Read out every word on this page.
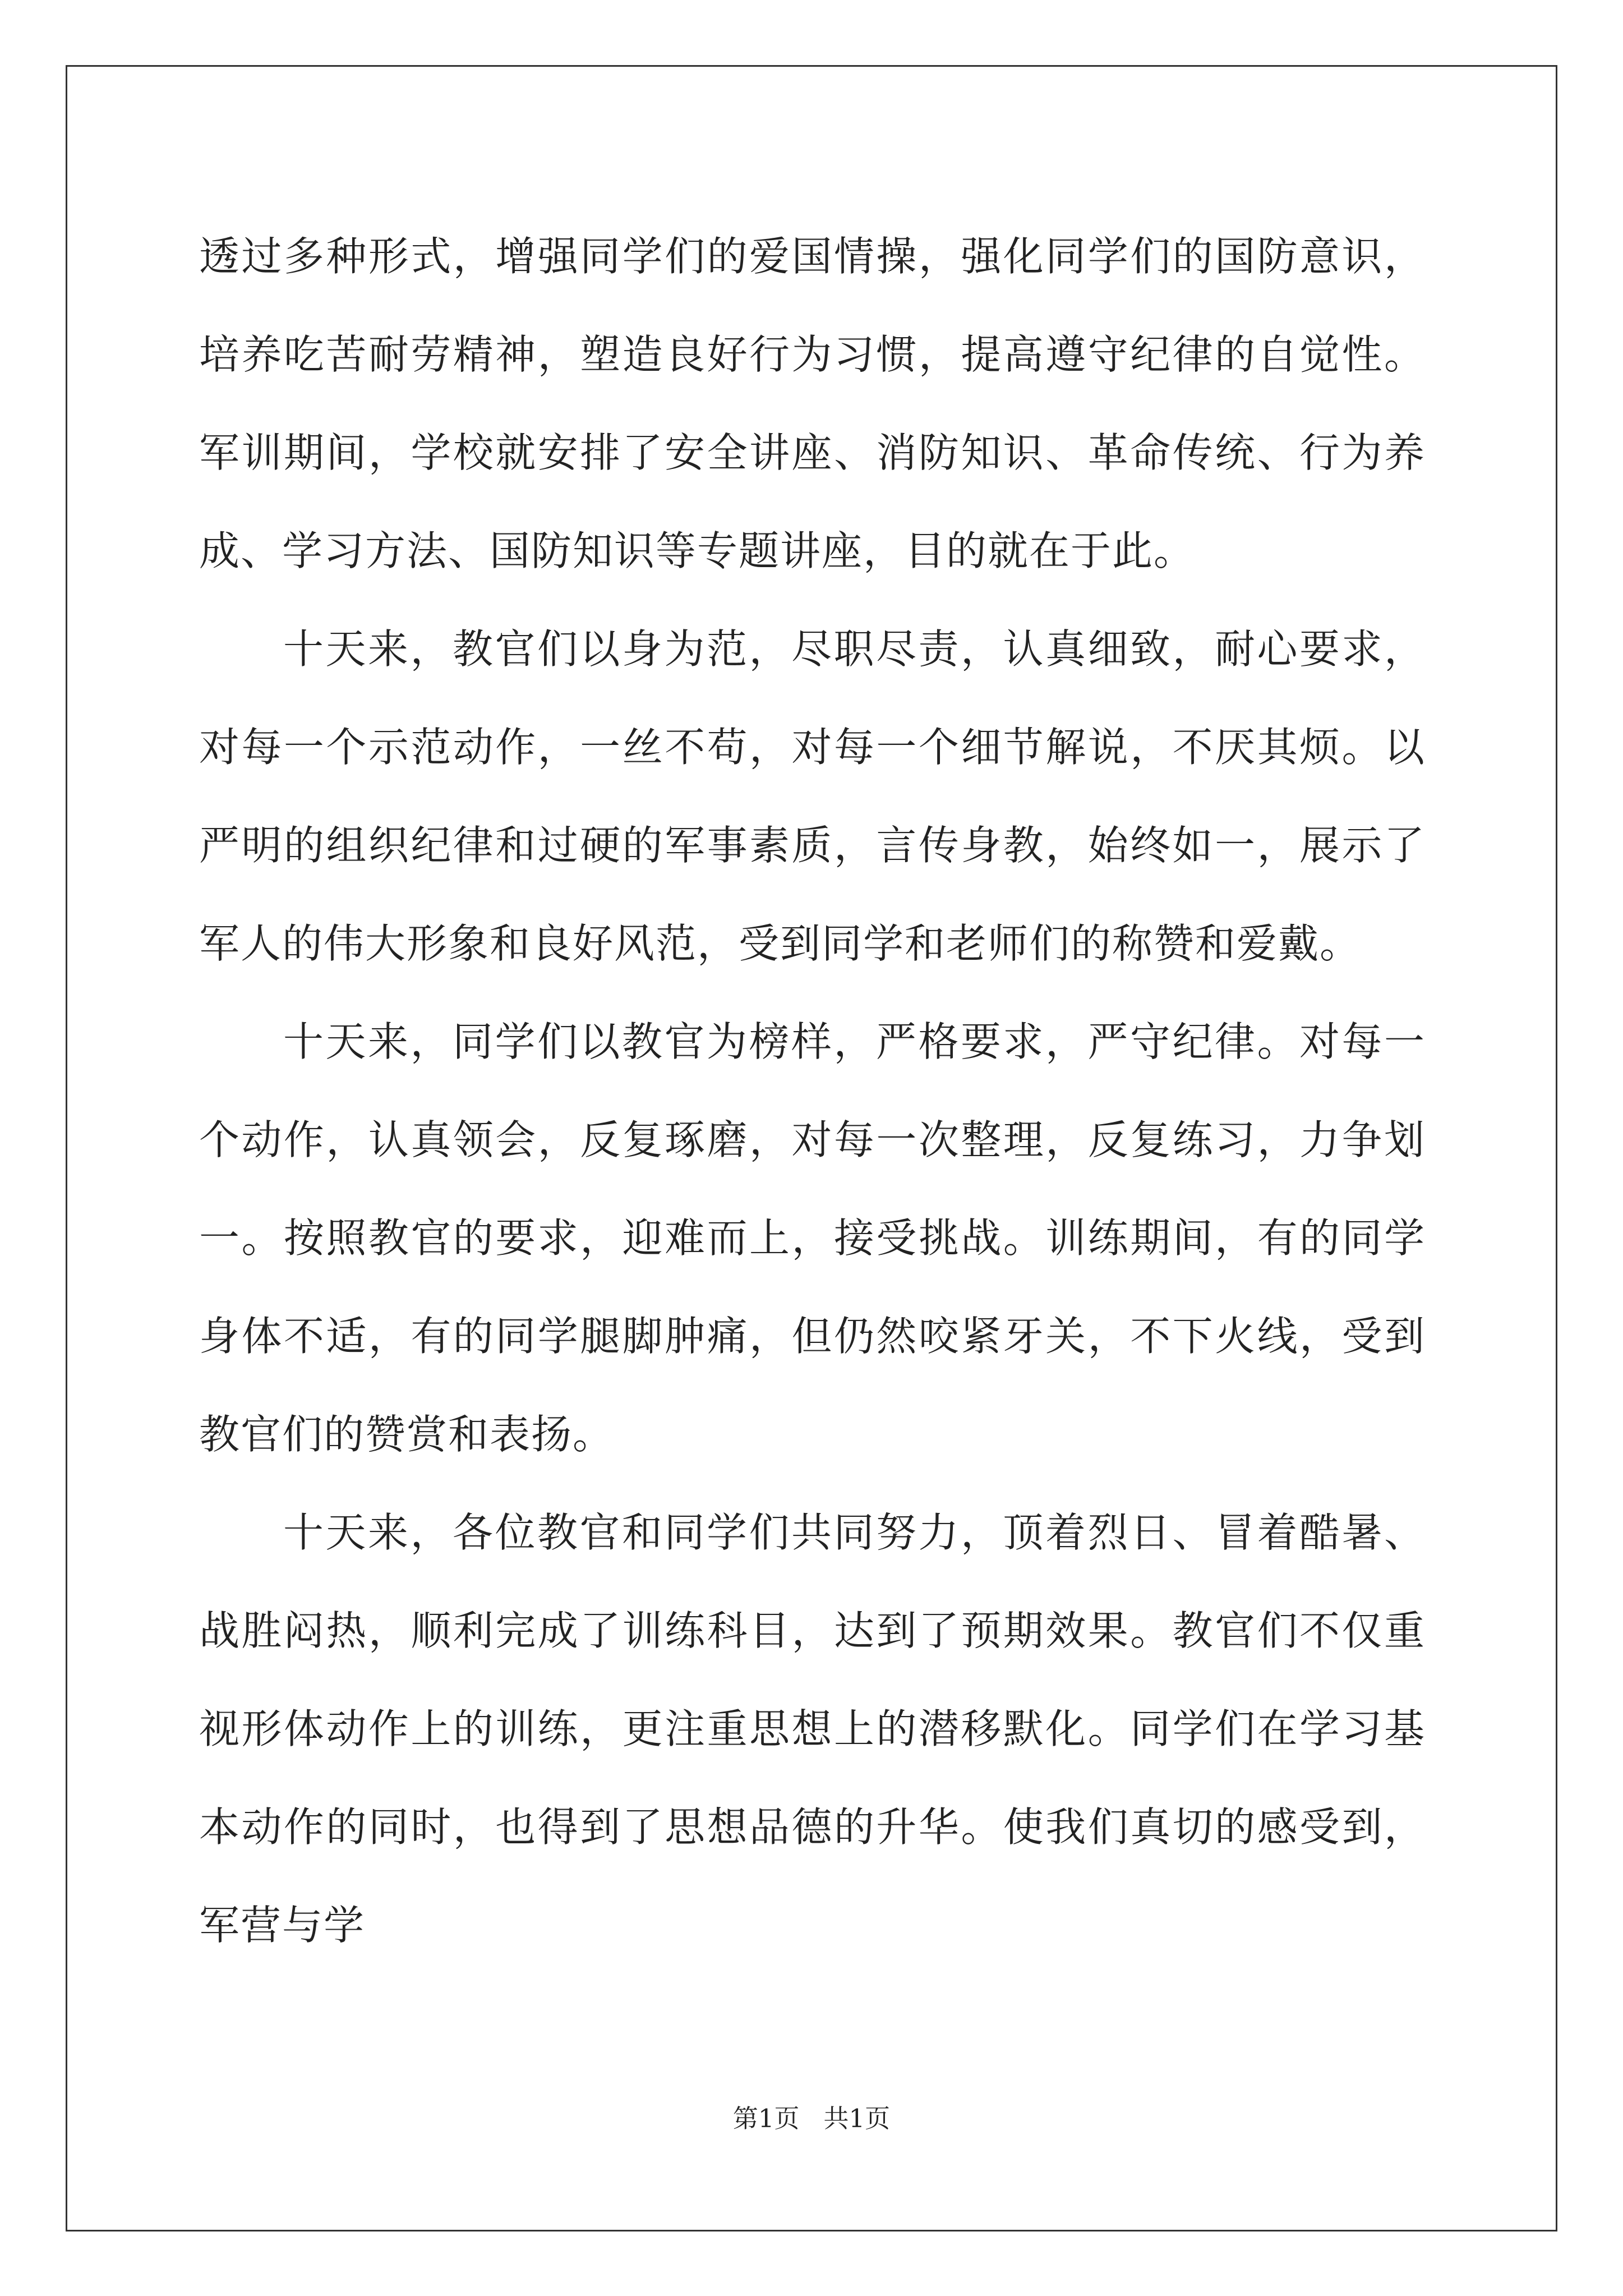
透过多种形式，增强同学们的爱国情操，强化同学们的国防意识，培养吃苦耐劳精神，塑造良好行为习惯，提高遵守纪律的自觉性。军训期间，学校就安排了安全讲座、消防知识、革命传统、行为养成、学习方法、国防知识等专题讲座，目的就在于此。

十天来，教官们以身为范，尽职尽责，认真细致，耐心要求，对每一个示范动作，一丝不苟，对每一个细节解说，不厌其烦。以严明的组织纪律和过硬的军事素质，言传身教，始终如一，展示了军人的伟大形象和良好风范，受到同学和老师们的称赞和爱戴。

十天来，同学们以教官为榜样，严格要求，严守纪律。对每一个动作，认真领会，反复琢磨，对每一次整理，反复练习，力争划一。按照教官的要求，迎难而上，接受挑战。训练期间，有的同学身体不适，有的同学腿脚肿痛，但仍然咬紧牙关，不下火线，受到教官们的赞赏和表扬。

十天来，各位教官和同学们共同努力，顶着烈日、冒着酷暑、战胜闷热，顺利完成了训练科目，达到了预期效果。教官们不仅重视形体动作上的训练，更注重思想上的潜移默化。同学们在学习基本动作的同时，也得到了思想品德的升华。使我们真切的感受到，军营与学

第1页   共1页
